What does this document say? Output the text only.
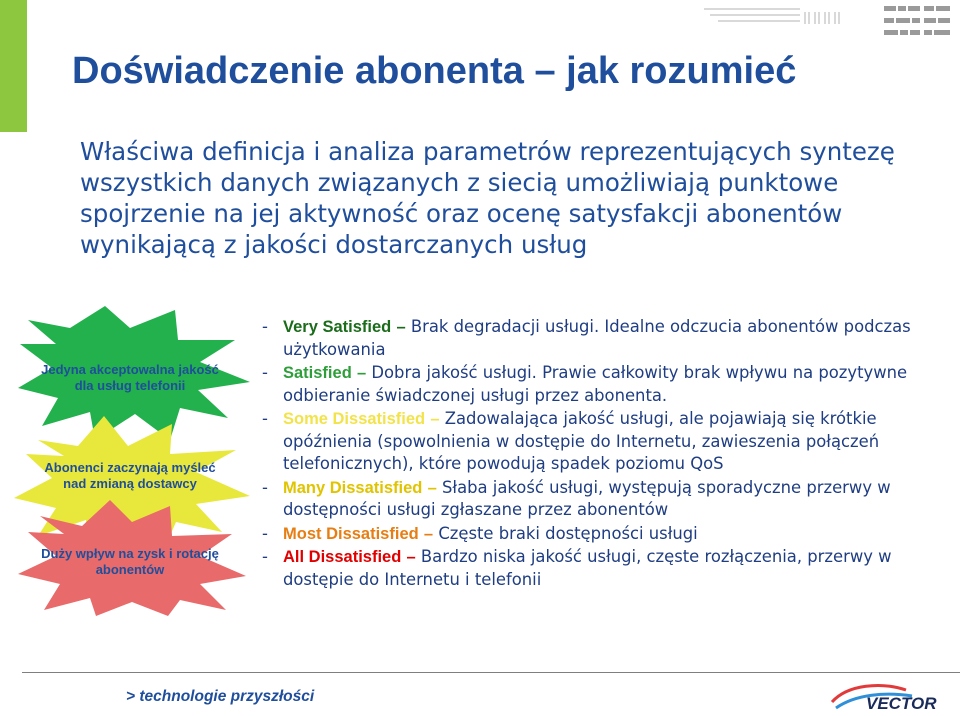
Doświadczenie abonenta – jak rozumieć

Właściwa definicja i analiza parametrów reprezentujących syntezę wszystkich danych związanych z siecią umożliwiają punktowe spojrzenie na jej aktywność oraz ocenę satysfakcji abonentów wynikającą z jakości dostarczanych usług

Jedyna akceptowalna jakość dla usług telefonii
Abonenci zaczynają myśleć nad zmianą dostawcy
Duży wpływ na zysk i rotację abonentów
- Very Satisfied – Brak degradacji usługi. Idealne odczucia abonentów podczas użytkowania
- Satisfied – Dobra jakość usługi. Prawie całkowity brak wpływu na pozytywne odbieranie świadczonej usługi przez abonenta.
- Some Dissatisfied – Zadowalająca jakość usługi, ale pojawiają się krótkie opóźnienia (spowolnienia w dostępie do Internetu, zawieszenia połączeń telefonicznych), które powodują spadek poziomu QoS
- Many Dissatisfied – Słaba jakość usługi, występują sporadyczne przerwy w dostępności usługi zgłaszane przez abonentów
- Most Dissatisfied – Częste braki dostępności usługi
- All Dissatisfied – Bardzo niska jakość usługi, częste rozłączenia, przerwy w dostępie do Internetu i telefonii
> technologie przyszłości	VECTOR
